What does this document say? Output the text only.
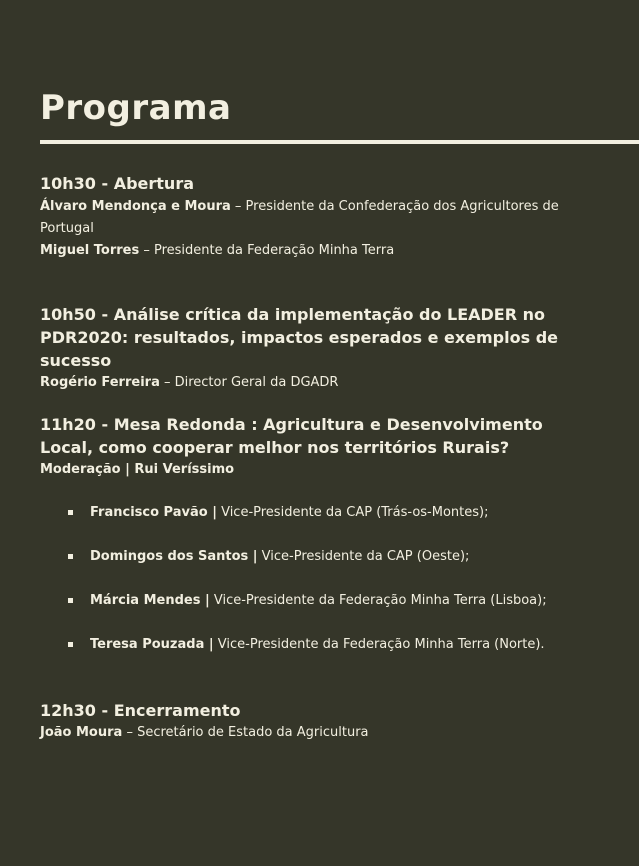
Programa
10h30 - Abertura
Álvaro Mendonça e Moura – Presidente da Confederação dos Agricultores de Portugal
Miguel Torres – Presidente da Federação Minha Terra
10h50 - Análise crítica da implementação do LEADER no PDR2020: resultados, impactos esperados e exemplos de sucesso
Rogério Ferreira – Director Geral da DGADR
11h20 - Mesa Redonda : Agricultura e Desenvolvimento Local, como cooperar melhor nos territórios Rurais?
Moderação | Rui Veríssimo
Francisco Pavão | Vice-Presidente da CAP (Trás-os-Montes);
Domingos dos Santos | Vice-Presidente da CAP (Oeste);
Márcia Mendes | Vice-Presidente da Federação Minha Terra (Lisboa);
Teresa Pouzada | Vice-Presidente da Federação Minha Terra (Norte).
12h30 - Encerramento
João Moura – Secretário de Estado da Agricultura
